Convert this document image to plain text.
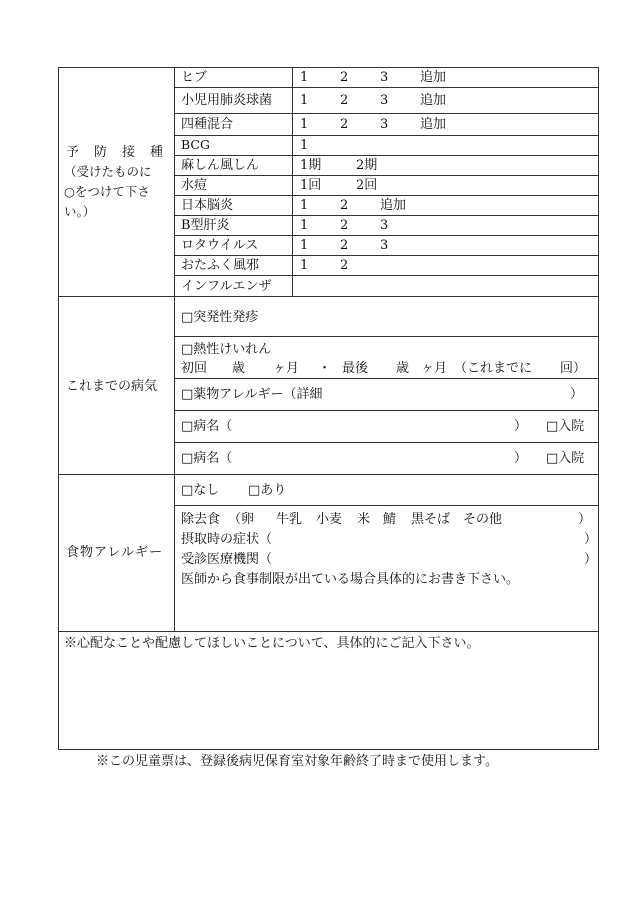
予　防　接　種
（受けたものに
○をつけて下さ
い。）
ヒブ	1 2 3 追加
小児用肺炎球菌 1 2 3 追加
四種混合	1 2 3 追加
BCG	1
麻しん風しん	1期	2期
水痘	1回	2回
日本脳炎	1 2 追加
B型肝炎	1 2 3
ロタウイルス	1 2 3
おたふく風邪	1 2
インフルエンザ
これまでの病気
□突発性発疹
□熱性けいれん
初回 歳 ヶ月 ・ 最後 歳 ヶ月 （これまでに 回）
□薬物アレルギー（詳細	）
□病名（	） □入院
□病名（	） □入院
食物アレルギー
□なし □あり
除去食 （卵 牛乳 小麦 米 鯖 黒そば その他	）
摂取時の症状（	）
受診医療機関（	）
医師から食事制限が出ている場合具体的にお書き下さい。
※心配なことや配慮してほしいことについて、具体的にご記入下さい。
※この児童票は、登録後病児保育室対象年齢終了時まで使用します。
